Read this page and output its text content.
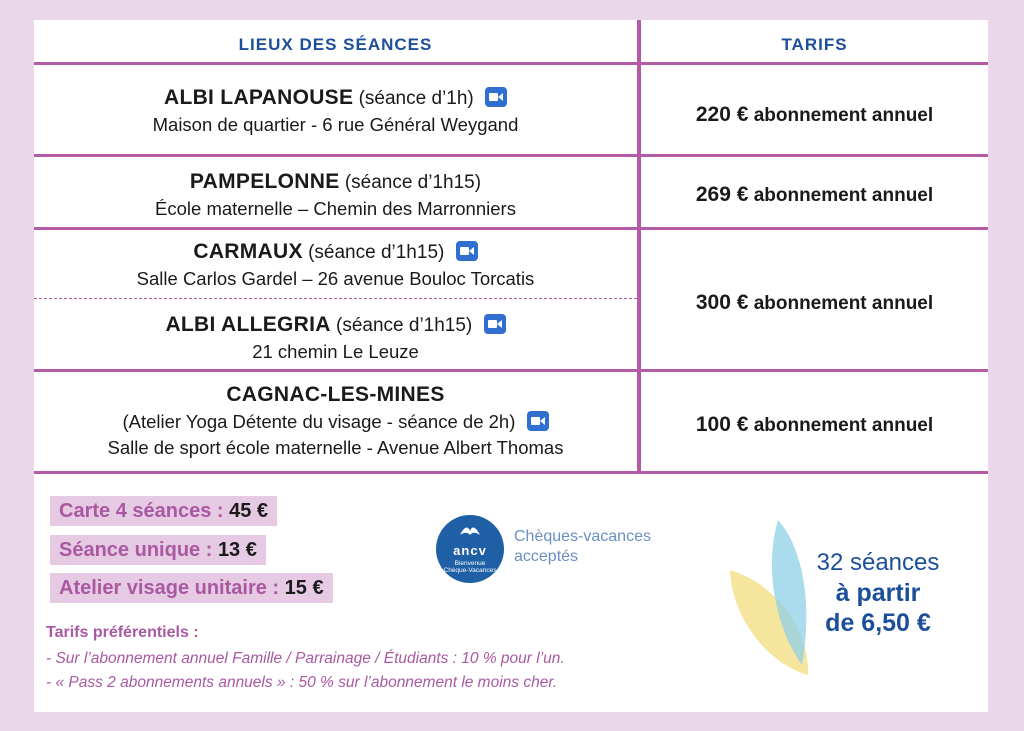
LIEUX DES SÉANCES	TARIFS
ALBI LAPANOUSE (séance d’1h)
Maison de quartier - 6 rue Général Weygand
PAMPELONNE (séance d’1h15)
École maternelle – Chemin des Marronniers
CARMAUX (séance d’1h15)
Salle Carlos Gardel – 26 avenue Bouloc Torcatis
ALBI ALLEGRIA (séance d’1h15)
21 chemin Le Leuze
CAGNAC-LES-MINES
(Atelier Yoga Détente du visage - séance de 2h)
Salle de sport école maternelle - Avenue Albert Thomas
220 € abonnement annuel
269 € abonnement annuel
300 € abonnement annuel
100 € abonnement annuel
Carte 4 séances : 45 €
Séance unique : 13 €
Atelier visage unitaire : 15 €
Tarifs préférentiels :
- Sur l’abonnement annuel Famille / Parrainage / Étudiants : 10 % pour l’un.
- « Pass 2 abonnements annuels » : 50 % sur l’abonnement le moins cher.
ancv
Bienvenue
Chèque-Vacances
Chèques-vacances
acceptés	32 séances
à partir
de 6,50 €
